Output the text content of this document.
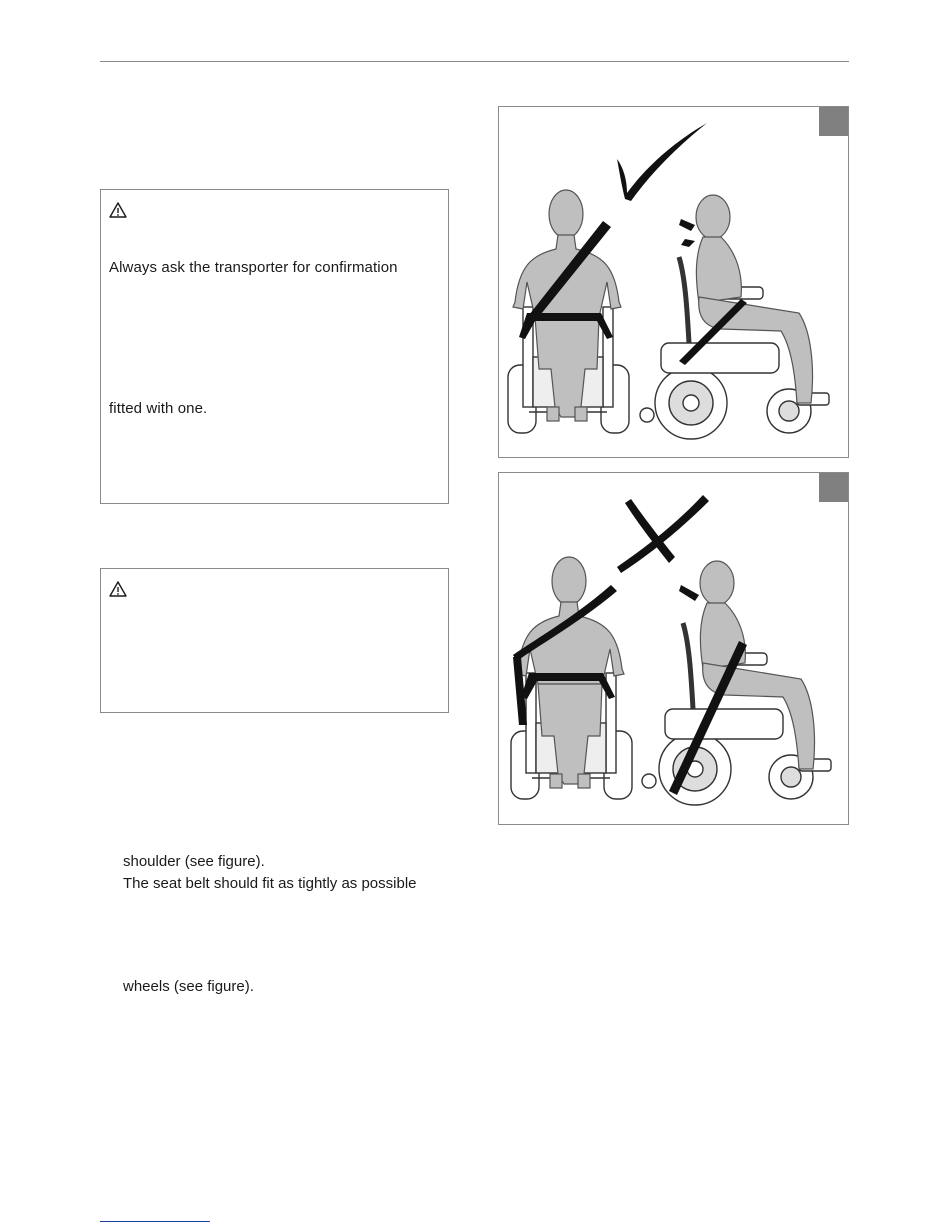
Always ask the transporter for confirmation
fitted with one.
shoulder (see figure).
The seat belt should fit as tightly as possible
wheels (see figure).
